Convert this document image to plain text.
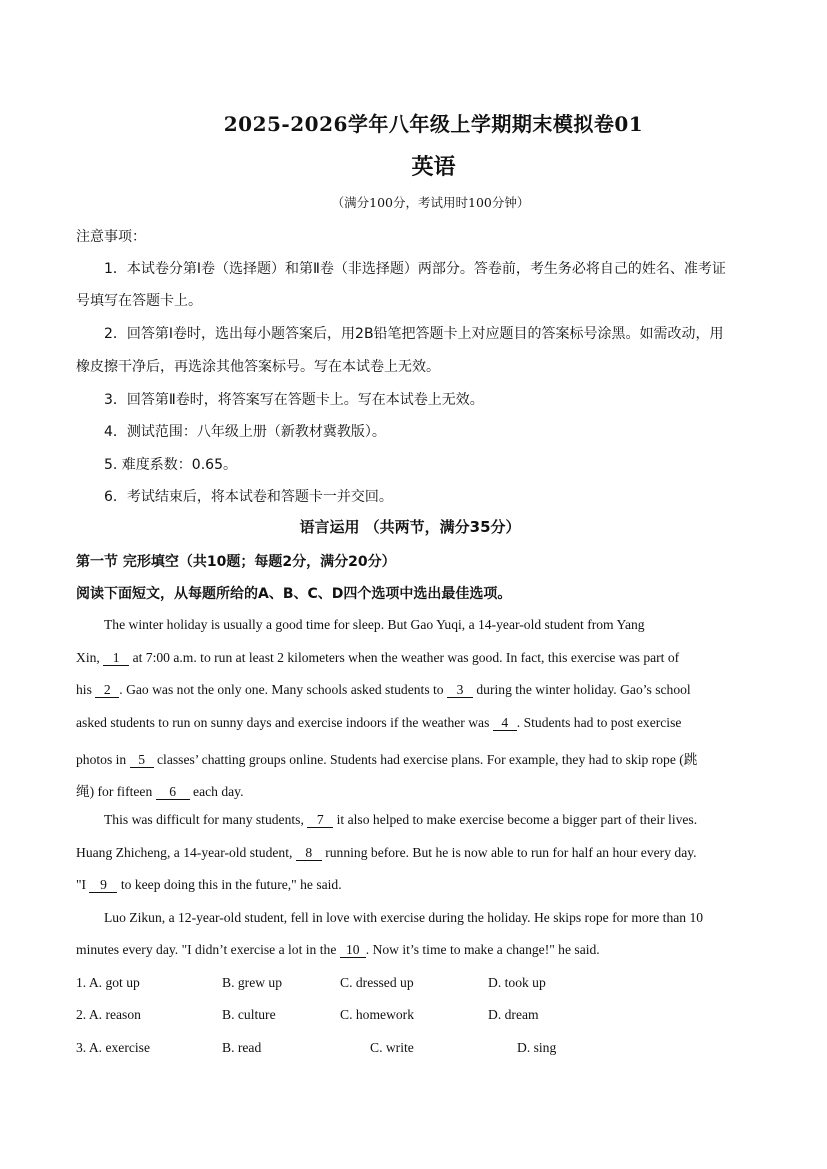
2025-2026学年八年级上学期期末模拟卷01
英语
（满分100分，考试用时100分钟）
注意事项：
1．本试卷分第Ⅰ卷（选择题）和第Ⅱ卷（非选择题）两部分。答卷前，考生务必将自己的姓名、准考证
号填写在答题卡上。
2．回答第Ⅰ卷时，选出每小题答案后，用2B铅笔把答题卡上对应题目的答案标号涂黑。如需改动，用
橡皮擦干净后，再选涂其他答案标号。写在本试卷上无效。
3．回答第Ⅱ卷时，将答案写在答题卡上。写在本试卷上无效。
4．测试范围：八年级上册（新教材冀教版）。
5. 难度系数：0.65。
6．考试结束后，将本试卷和答题卡一并交回。
语言运用 （共两节，满分35分）
第一节 完形填空（共10题；每题2分，满分20分）
阅读下面短文，从每题所给的A、B、C、D四个选项中选出最佳选项。
The winter holiday is usually a good time for sleep. But Gao Yuqi, a 14-year-old student from Yang
Xin, 1 at 7:00 a.m. to run at least 2 kilometers when the weather was good. In fact, this exercise was part of
his 2 . Gao was not the only one. Many schools asked students to 3 during the winter holiday. Gao’s school
asked students to run on sunny days and exercise indoors if the weather was 4 . Students had to post exercise
photos in 5 classes’ chatting groups online. Students had exercise plans. For example, they had to skip rope (跳
绳) for fifteen 6 each day.
This was difficult for many students, 7 it also helped to make exercise become a bigger part of their lives.
Huang Zhicheng, a 14-year-old student, 8 running before. But he is now able to run for half an hour every day.
"I 9 to keep doing this in the future," he said.
Luo Zikun, a 12-year-old student, fell in love with exercise during the holiday. He skips rope for more than 10
minutes every day. "I didn’t exercise a lot in the 10 . Now it’s time to make a change!" he said.
1. A. got up	B. grew up	C. dressed up	D. took up
2. A. reason	B. culture	C. homework	D. dream
3. A. exercise	B. read	C. write	D. sing
